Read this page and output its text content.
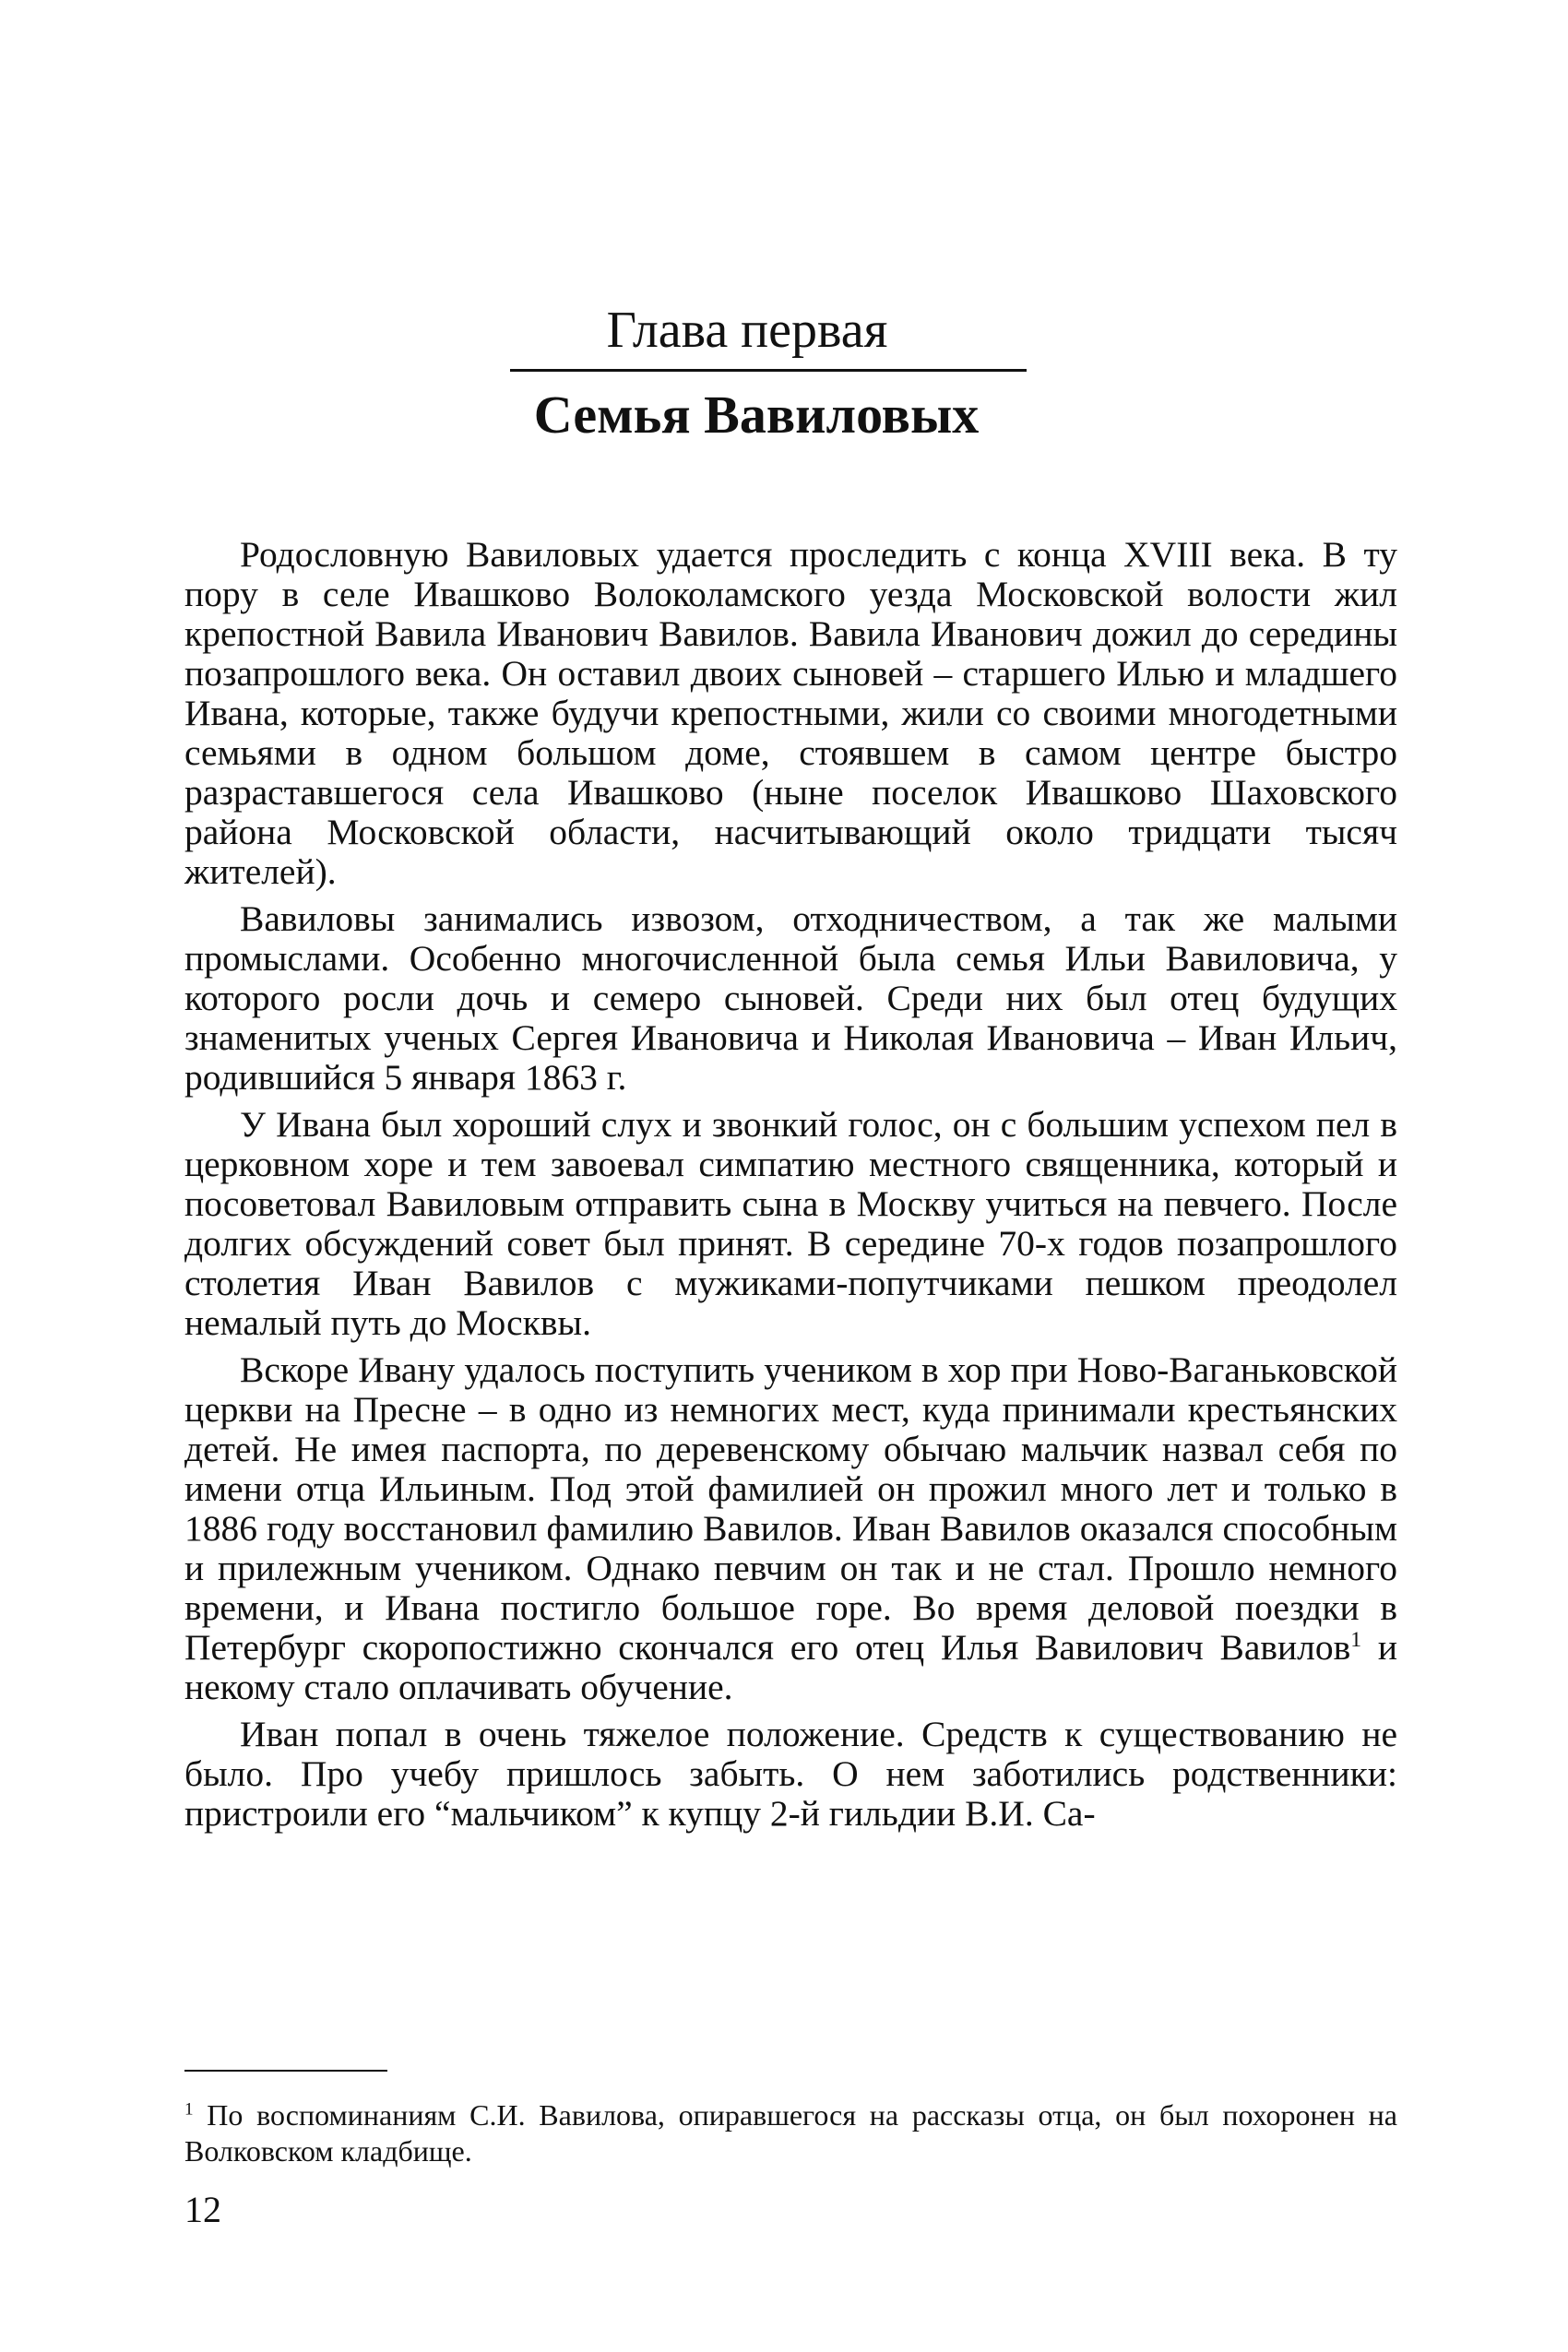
Глава первая
Семья Вавиловых

Родословную Вавиловых удается проследить с конца XVIII века. В ту пору в селе Ивашково Волоколамского уезда Московской волости жил крепостной Вавила Иванович Вавилов. Вавила Иванович дожил до середины позапрошлого века. Он оставил двоих сыновей – старшего Илью и младшего Ивана, которые, также будучи крепостными, жили со своими многодетными семьями в одном большом доме, стоявшем в самом центре быстро разраставшегося села Ивашково (ныне поселок Ивашково Шаховского района Московской области, насчитывающий около тридцати тысяч жителей).

Вавиловы занимались извозом, отходничеством, а так же малыми промыслами. Особенно многочисленной была семья Ильи Вавиловича, у которого росли дочь и семеро сыновей. Среди них был отец будущих знаменитых ученых Сергея Ивановича и Николая Ивановича – Иван Ильич, родившийся 5 января 1863 г.

У Ивана был хороший слух и звонкий голос, он с большим успехом пел в церковном хоре и тем завоевал симпатию местного священника, который и посоветовал Вавиловым отправить сына в Москву учиться на певчего. После долгих обсуждений совет был принят. В середине 70-х годов позапрошлого столетия Иван Вавилов с мужиками-попутчиками пешком преодолел немалый путь до Москвы.

Вскоре Ивану удалось поступить учеником в хор при Ново-Ваганьковской церкви на Пресне – в одно из немногих мест, куда принимали крестьянских детей. Не имея паспорта, по деревенскому обычаю мальчик назвал себя по имени отца Ильиным. Под этой фамилией он прожил много лет и только в 1886 году восстановил фамилию Вавилов. Иван Вавилов оказался способным и прилежным учеником. Однако певчим он так и не стал. Прошло немного времени, и Ивана постигло большое горе. Во время деловой поездки в Петербург скоропостижно скончался его отец Илья Вавилович Вавилов$^1$ и некому стало оплачивать обучение.

Иван попал в очень тяжелое положение. Средств к существованию не было. Про учебу пришлось забыть. О нем заботились родственники: пристроили его “мальчиком” к купцу 2-й гильдии В.И. Са-

$^1$ По воспоминаниям С.И. Вавилова, опиравшегося на рассказы отца, он был похоронен на Волковском кладбище.
12
